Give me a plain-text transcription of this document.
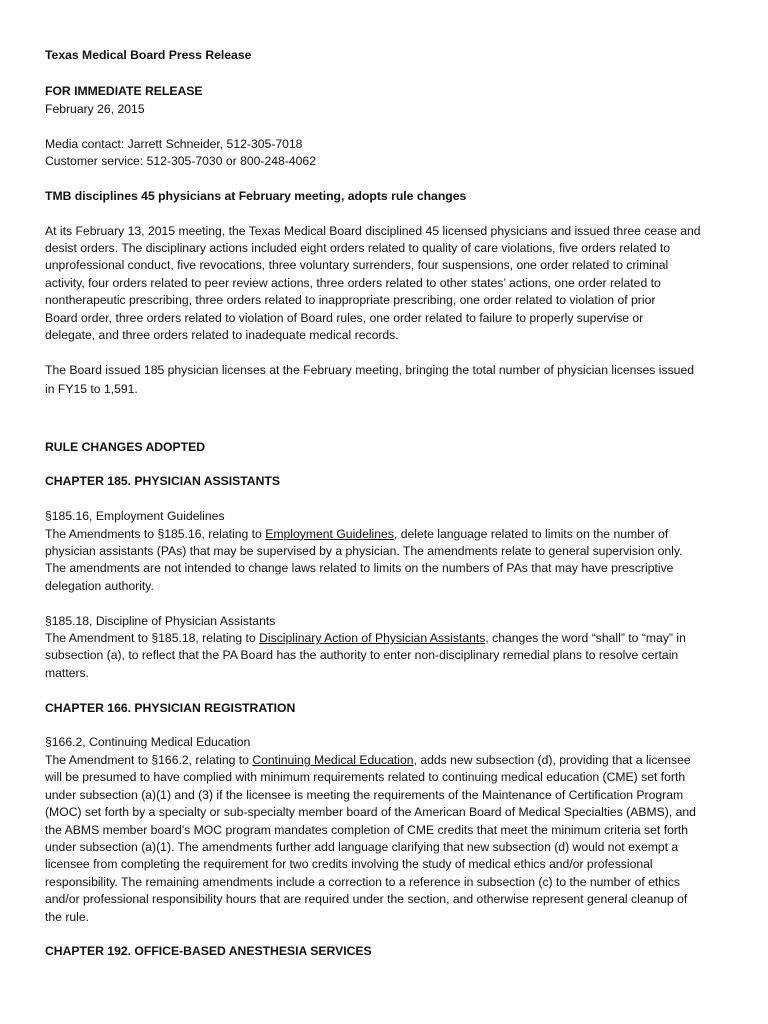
Texas Medical Board Press Release
FOR IMMEDIATE RELEASE
February 26, 2015
Media contact: Jarrett Schneider, 512-305-7018
Customer service: 512-305-7030 or 800-248-4062
TMB disciplines 45 physicians at February meeting, adopts rule changes
At its February 13, 2015 meeting, the Texas Medical Board disciplined 45 licensed physicians and issued three cease and
desist orders. The disciplinary actions included eight orders related to quality of care violations, five orders related to
unprofessional conduct, five revocations, three voluntary surrenders, four suspensions, one order related to criminal
activity, four orders related to peer review actions, three orders related to other states’ actions, one order related to
nontherapeutic prescribing, three orders related to inappropriate prescribing, one order related to violation of prior
Board order, three orders related to violation of Board rules, one order related to failure to properly supervise or
delegate, and three orders related to inadequate medical records.
The Board issued 185 physician licenses at the February meeting, bringing the total number of physician licenses issued
in FY15 to 1,591.
RULE CHANGES ADOPTED
CHAPTER 185. PHYSICIAN ASSISTANTS
§185.16, Employment Guidelines
The Amendments to §185.16, relating to Employment Guidelines, delete language related to limits on the number of
physician assistants (PAs) that may be supervised by a physician. The amendments relate to general supervision only.
The amendments are not intended to change laws related to limits on the numbers of PAs that may have prescriptive
delegation authority.
§185.18, Discipline of Physician Assistants
The Amendment to §185.18, relating to Disciplinary Action of Physician Assistants, changes the word “shall” to “may” in
subsection (a), to reflect that the PA Board has the authority to enter non-disciplinary remedial plans to resolve certain
matters.
CHAPTER 166. PHYSICIAN REGISTRATION
§166.2, Continuing Medical Education
The Amendment to §166.2, relating to Continuing Medical Education, adds new subsection (d), providing that a licensee
will be presumed to have complied with minimum requirements related to continuing medical education (CME) set forth
under subsection (a)(1) and (3) if the licensee is meeting the requirements of the Maintenance of Certification Program
(MOC) set forth by a specialty or sub-specialty member board of the American Board of Medical Specialties (ABMS), and
the ABMS member board's MOC program mandates completion of CME credits that meet the minimum criteria set forth
under subsection (a)(1). The amendments further add language clarifying that new subsection (d) would not exempt a
licensee from completing the requirement for two credits involving the study of medical ethics and/or professional
responsibility. The remaining amendments include a correction to a reference in subsection (c) to the number of ethics
and/or professional responsibility hours that are required under the section, and otherwise represent general cleanup of
the rule.
CHAPTER 192. OFFICE-BASED ANESTHESIA SERVICES
